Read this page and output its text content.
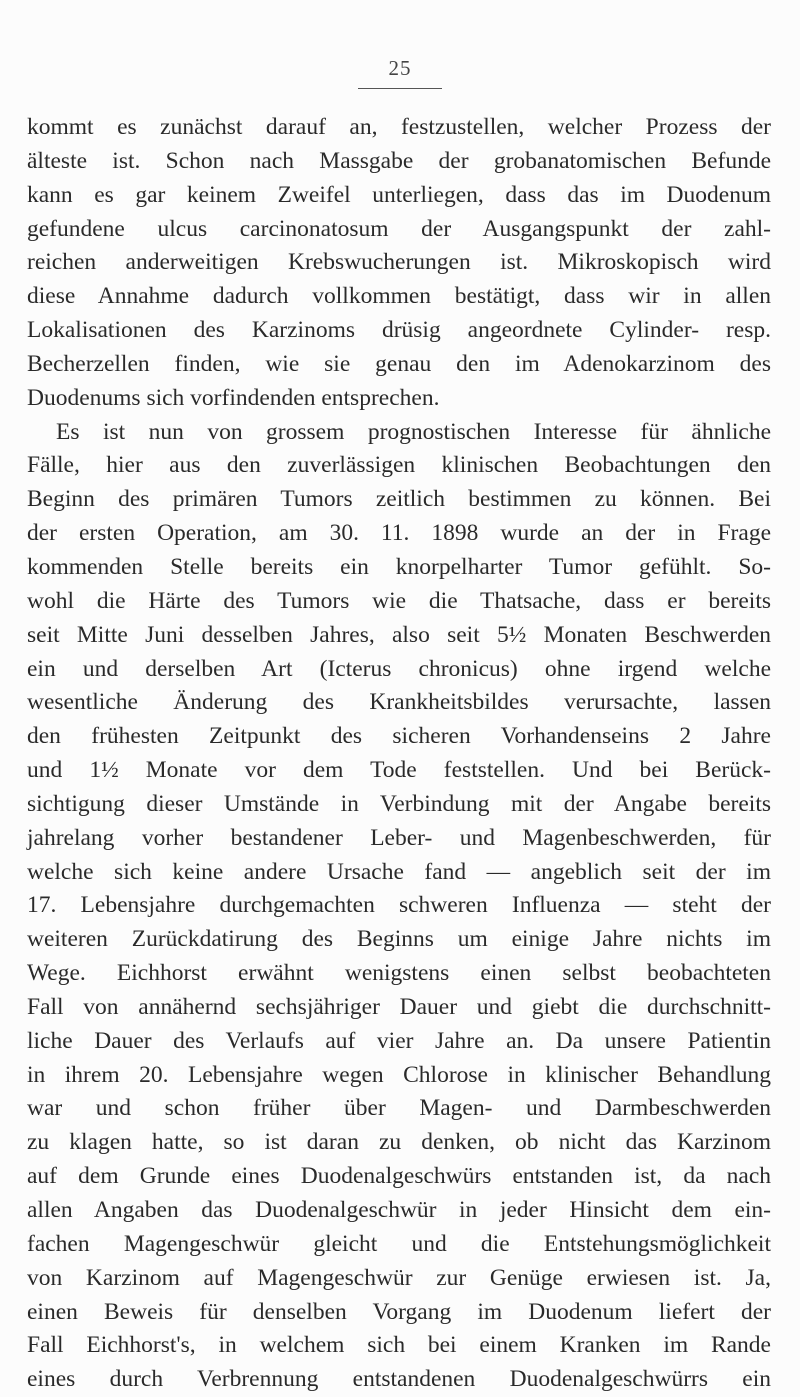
25
kommt es zunächst darauf an, festzustellen, welcher Prozess der
älteste ist. Schon nach Massgabe der grobanatomischen Befunde
kann es gar keinem Zweifel unterliegen, dass das im Duodenum
gefundene ulcus carcinonatosum der Ausgangspunkt der zahl-
reichen anderweitigen Krebswucherungen ist. Mikroskopisch wird
diese Annahme dadurch vollkommen bestätigt, dass wir in allen
Lokalisationen des Karzinoms drüsig angeordnete Cylinder- resp.
Becherzellen finden, wie sie genau den im Adenokarzinom des
Duodenums sich vorfindenden entsprechen.
Es ist nun von grossem prognostischen Interesse für ähnliche
Fälle, hier aus den zuverlässigen klinischen Beobachtungen den
Beginn des primären Tumors zeitlich bestimmen zu können. Bei
der ersten Operation, am 30. 11. 1898 wurde an der in Frage
kommenden Stelle bereits ein knorpelharter Tumor gefühlt. So-
wohl die Härte des Tumors wie die Thatsache, dass er bereits
seit Mitte Juni desselben Jahres, also seit 5½ Monaten Beschwerden
ein und derselben Art (Icterus chronicus) ohne irgend welche
wesentliche Änderung des Krankheitsbildes verursachte, lassen
den frühesten Zeitpunkt des sicheren Vorhandenseins 2 Jahre
und 1½ Monate vor dem Tode feststellen. Und bei Berück-
sichtigung dieser Umstände in Verbindung mit der Angabe bereits
jahrelang vorher bestandener Leber- und Magenbeschwerden, für
welche sich keine andere Ursache fand — angeblich seit der im
17. Lebensjahre durchgemachten schweren Influenza — steht der
weiteren Zurückdatirung des Beginns um einige Jahre nichts im
Wege. Eichhorst erwähnt wenigstens einen selbst beobachteten
Fall von annähernd sechsjähriger Dauer und giebt die durchschnitt-
liche Dauer des Verlaufs auf vier Jahre an. Da unsere Patientin
in ihrem 20. Lebensjahre wegen Chlorose in klinischer Behandlung
war und schon früher über Magen- und Darmbeschwerden
zu klagen hatte, so ist daran zu denken, ob nicht das Karzinom
auf dem Grunde eines Duodenalgeschwürs entstanden ist, da nach
allen Angaben das Duodenalgeschwür in jeder Hinsicht dem ein-
fachen Magengeschwür gleicht und die Entstehungsmöglichkeit
von Karzinom auf Magengeschwür zur Genüge erwiesen ist. Ja,
einen Beweis für denselben Vorgang im Duodenum liefert der
Fall Eichhorst's, in welchem sich bei einem Kranken im Rande
eines durch Verbrennung entstandenen Duodenalgeschwürrs ein
